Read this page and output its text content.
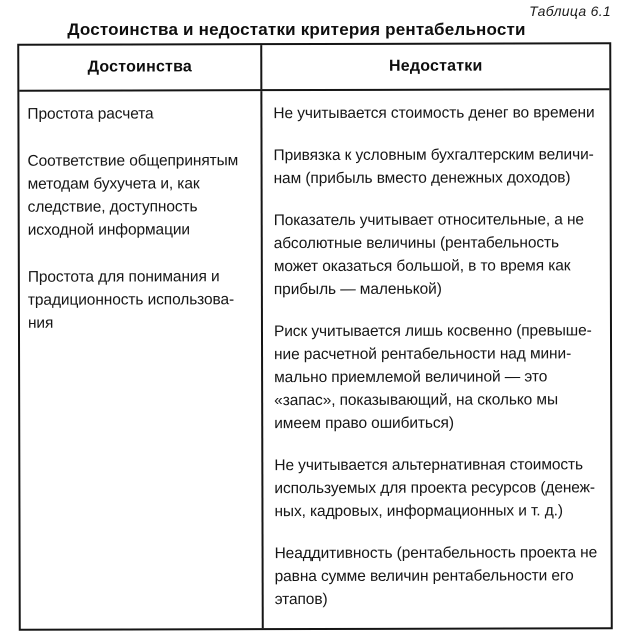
Таблица 6.1
Достоинства и недостатки критерия рентабельности
Достоинства	Недостатки

Простота расчета

Соответствие общепринятым методам бухучета и, как следствие, доступность исходной информации

Простота для понимания и традиционность использования

Не учитывается стоимость денег во времени

Привязка к условным бухгалтерским величинам (прибыль вместо денежных доходов)

Показатель учитывает относительные, а не абсолютные величины (рентабельность может оказаться большой, в то время как прибыль — маленькой)

Риск учитывается лишь косвенно (превышение расчетной рентабельности над минимально приемлемой величиной — это «запас», показывающий, на сколько мы имеем право ошибиться)

Не учитывается альтернативная стоимость используемых для проекта ресурсов (денежных, кадровых, информационных и т. д.)

Неаддитивность (рентабельность проекта не равна сумме величин рентабельности его этапов)
